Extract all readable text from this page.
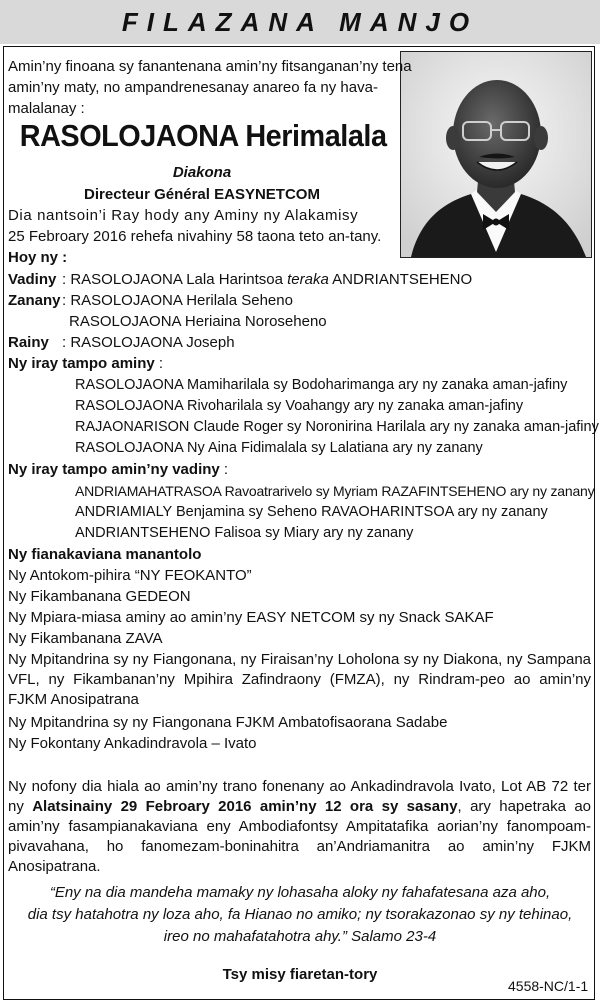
FILAZANA MANJO
Amin’ny finoana sy fanantenana amin’ny fitsanganan’ny tena
amin’ny maty, no ampandrenesanay anareo fa ny hava-
malalanay :
RASOLOJAONA Herimalala
Diakona
Directeur Général EASYNETCOM
Dia nantsoin’i Ray hody any Aminy ny Alakamisy
25 Febroary 2016 rehefa nivahiny 58 taona teto an-tany.
Hoy ny :
Vadiny : RASOLOJAONA Lala Harintsoa teraka ANDRIANTSEHENO
Zanany : RASOLOJAONA Herilala Seheno
RASOLOJAONA Heriaina Noroseheno
Rainy : RASOLOJAONA Joseph
Ny iray tampo aminy :
RASOLOJAONA Mamiharilala sy Bodoharimanga ary ny zanaka aman-jafiny
RASOLOJAONA Rivoharilala sy Voahangy ary ny zanaka aman-jafiny
RAJAONARISON Claude Roger sy Noronirina Harilala ary ny zanaka aman-jafiny
RASOLOJAONA Ny Aina Fidimalala sy Lalatiana ary ny zanany
Ny iray tampo amin’ny vadiny :
ANDRIAMAHATRASOA Ravoatrarivelo sy Myriam RAZAFINTSEHENO ary ny zanany
ANDRIAMIALY Benjamina sy Seheno RAVAOHARINTSOA ary ny zanany
ANDRIANTSEHENO Falisoa sy Miary ary ny zanany
Ny fianakaviana manantolo
Ny Antokom-pihira “NY FEOKANTO”
Ny Fikambanana GEDEON
Ny Mpiara-miasa aminy ao amin’ny EASY NETCOM sy ny Snack SAKAF
Ny Fikambanana ZAVA
Ny Mpitandrina sy ny Fiangonana, ny Firaisan’ny Loholona sy ny Diakona, ny Sampana VFL, ny Fikambanan’ny Mpihira Zafindraony (FMZA), ny Rindram-peo ao amin’ny FJKM Anosipatrana
Ny Mpitandrina sy ny Fiangonana FJKM Ambatofisaorana Sadabe
Ny Fokontany Ankadindravola – Ivato
Ny nofony dia hiala ao amin’ny trano fonenany ao Ankadindravola Ivato, Lot AB 72 ter ny Alatsinainy 29 Febroary 2016 amin’ny 12 ora sy sasany, ary hapetraka ao amin’ny fasampianakaviana eny Ambodiafontsy Ampitatafika aorian’ny fanompoam-pivavahana, ho fanomezam-boninahitra an’Andriamanitra ao amin’ny FJKM Anosipatrana.
“Eny na dia mandeha mamaky ny lohasaha aloky ny fahafatesana aza aho,
dia tsy hatahotra ny loza aho, fa Hianao no amiko; ny tsorakazonao sy ny tehinao,
ireo no mahafatahotra ahy.” Salamo 23-4
Tsy misy fiaretan-tory
4558-NC/1-1
